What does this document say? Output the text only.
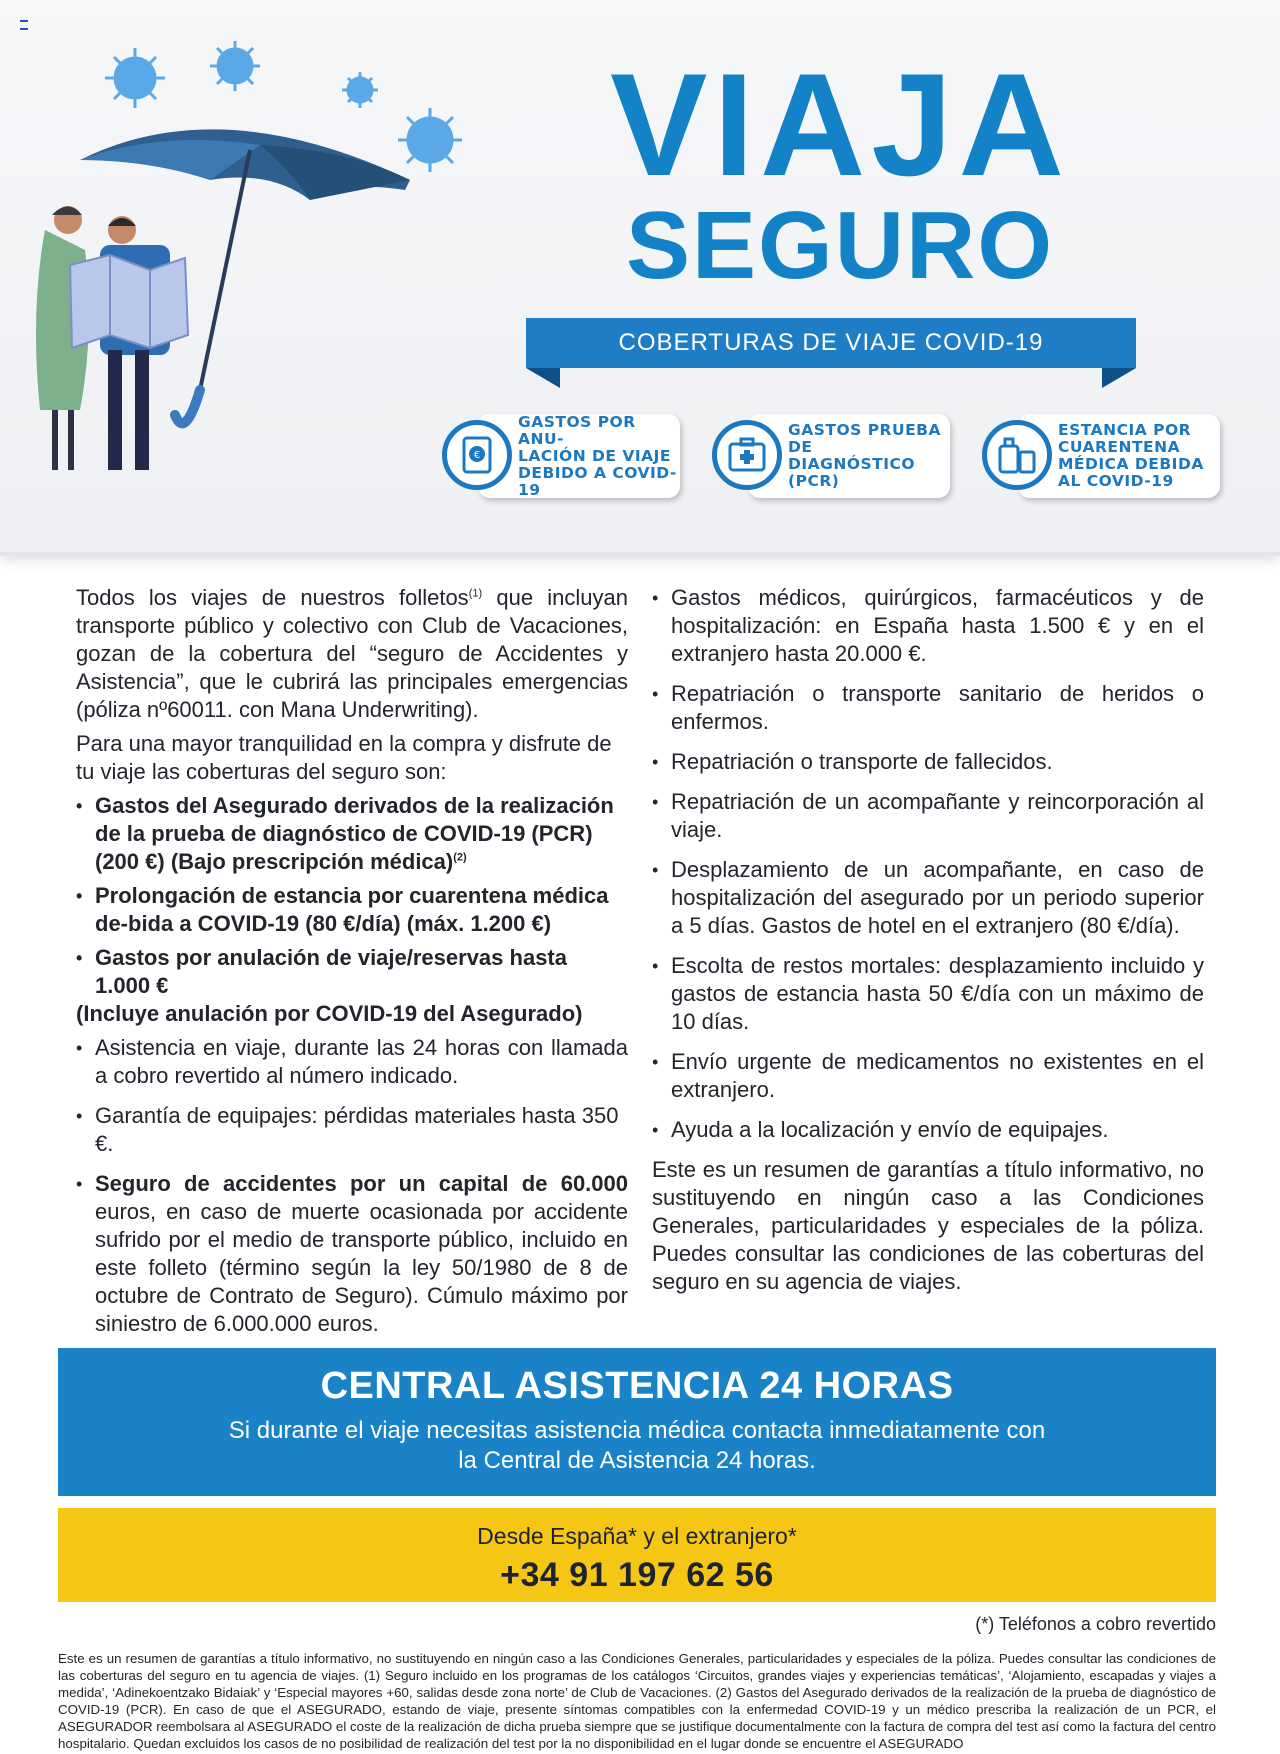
VIAJA
SEGURO
COBERTURAS DE VIAJE COVID-19
€
GASTOS POR ANU-
LACIÓN DE VIAJE
DEBIDO A COVID-19
GASTOS PRUEBA DE
DIAGNÓSTICO (PCR)
ESTANCIA POR
CUARENTENA
MÉDICA DEBIDA
AL COVID-19

Todos los viajes de nuestros folletos$^{(1)}$ que incluyan transporte público y colectivo con Club de Vacaciones, gozan de la cobertura del “seguro de Accidentes y Asistencia”, que le cubrirá las principales emergencias (póliza nº60011. con Mana Underwriting).

Para una mayor tranquilidad en la compra y disfrute de tu viaje las coberturas del seguro son:

• Gastos del Asegurado derivados de la realización de la prueba de diagnóstico de COVID-19 (PCR) (200 €) (Bajo prescripción médica)$^{(2)}$
• Prolongación de estancia por cuarentena médica de-bida a COVID-19 (80 €/día) (máx. 1.200 €)
• Gastos por anulación de viaje/reservas hasta 1.000 €
(Incluye anulación por COVID-19 del Asegurado)
• Asistencia en viaje, durante las 24 horas con llamada a cobro revertido al número indicado.
• Garantía de equipajes: pérdidas materiales hasta 350 €.
• Seguro de accidentes por un capital de 60.000 euros, en caso de muerte ocasionada por accidente sufrido por el medio de transporte público, incluido en este folleto (término según la ley 50/1980 de 8 de octubre de Contrato de Seguro). Cúmulo máximo por siniestro de 6.000.000 euros.
• Gastos médicos, quirúrgicos, farmacéuticos y de hospitalización: en España hasta 1.500 € y en el extranjero hasta 20.000 €.
• Repatriación o transporte sanitario de heridos o enfermos.
• Repatriación o transporte de fallecidos.
• Repatriación de un acompañante y reincorporación al viaje.
• Desplazamiento de un acompañante, en caso de hospitalización del asegurado por un periodo superior a 5 días. Gastos de hotel en el extranjero (80 €/día).
• Escolta de restos mortales: desplazamiento incluido y gastos de estancia hasta 50 €/día con un máximo de 10 días.
• Envío urgente de medicamentos no existentes en el extranjero.
• Ayuda a la localización y envío de equipajes.

Este es un resumen de garantías a título informativo, no sustituyendo en ningún caso a las Condiciones Generales, particularidades y especiales de la póliza. Puedes consultar las condiciones de las coberturas del seguro en su agencia de viajes.

CENTRAL ASISTENCIA 24 HORAS
Si durante el viaje necesitas asistencia médica contacta inmediatamente con la Central de Asistencia 24 horas.
Desde España* y el extranjero*
+34 91 197 62 56
(*) Teléfonos a cobro revertido
Este es un resumen de garantías a título informativo, no sustituyendo en ningún caso a las Condiciones Generales, particularidades y especiales de la póliza. Puedes consultar las condiciones de las coberturas del seguro en tu agencia de viajes. (1) Seguro incluido en los programas de los catálogos ‘Circuitos, grandes viajes y experiencias temáticas’, ‘Alojamiento, escapadas y viajes a medida’, ‘Adinekoentzako Bidaiak’ y ‘Especial mayores +60, salidas desde zona norte’ de Club de Vacaciones. (2) Gastos del Asegurado derivados de la realización de la prueba de diagnóstico de COVID-19 (PCR). En caso de que el ASEGURADO, estando de viaje, presente síntomas compatibles con la enfermedad COVID-19 y un médico prescriba la realización de un PCR, el ASEGURADOR reembolsara al ASEGURADO el coste de la realización de dicha prueba siempre que se justifique documentalmente con la factura de compra del test así como la factura del centro hospitalario. Quedan excluidos los casos de no posibilidad de realización del test por la no disponibilidad en el lugar donde se encuentre el ASEGURADO
